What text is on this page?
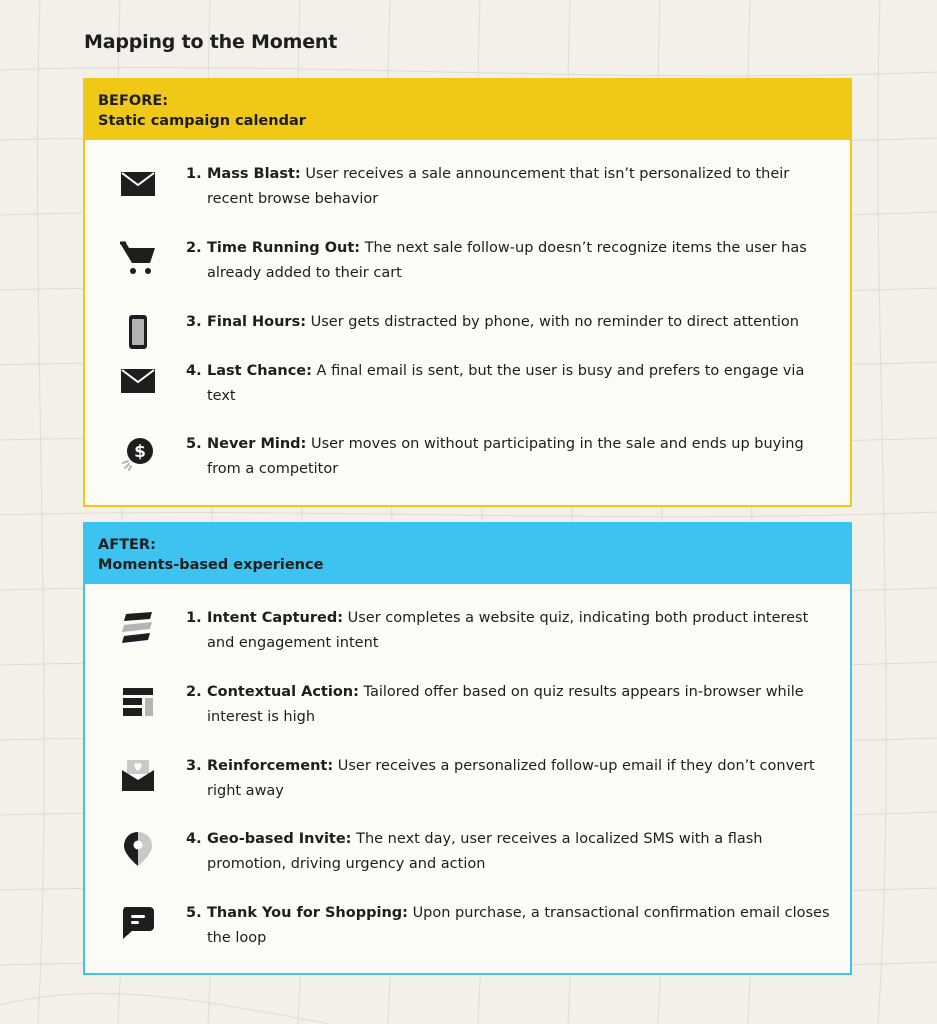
Mapping to the Moment
BEFORE:
Static campaign calendar
1. Mass Blast: User receives a sale announcement that isn’t personalized to their recent browse behavior
2. Time Running Out: The next sale follow-up doesn’t recognize items the user has already added to their cart
3. Final Hours: User gets distracted by phone, with no reminder to direct attention
4. Last Chance: A final email is sent, but the user is busy and prefers to engage via text
$	5. Never Mind: User moves on without participating in the sale and ends up buying from a competitor
AFTER:
Moments-based experience
1. Intent Captured: User completes a website quiz, indicating both product interest and engagement intent
2. Contextual Action: Tailored offer based on quiz results appears in-browser while interest is high
3. Reinforcement: User receives a personalized follow-up email if they don’t convert right away
4. Geo-based Invite: The next day, user receives a localized SMS with a flash promotion, driving urgency and action
5. Thank You for Shopping: Upon purchase, a transactional confirmation email closes the loop
